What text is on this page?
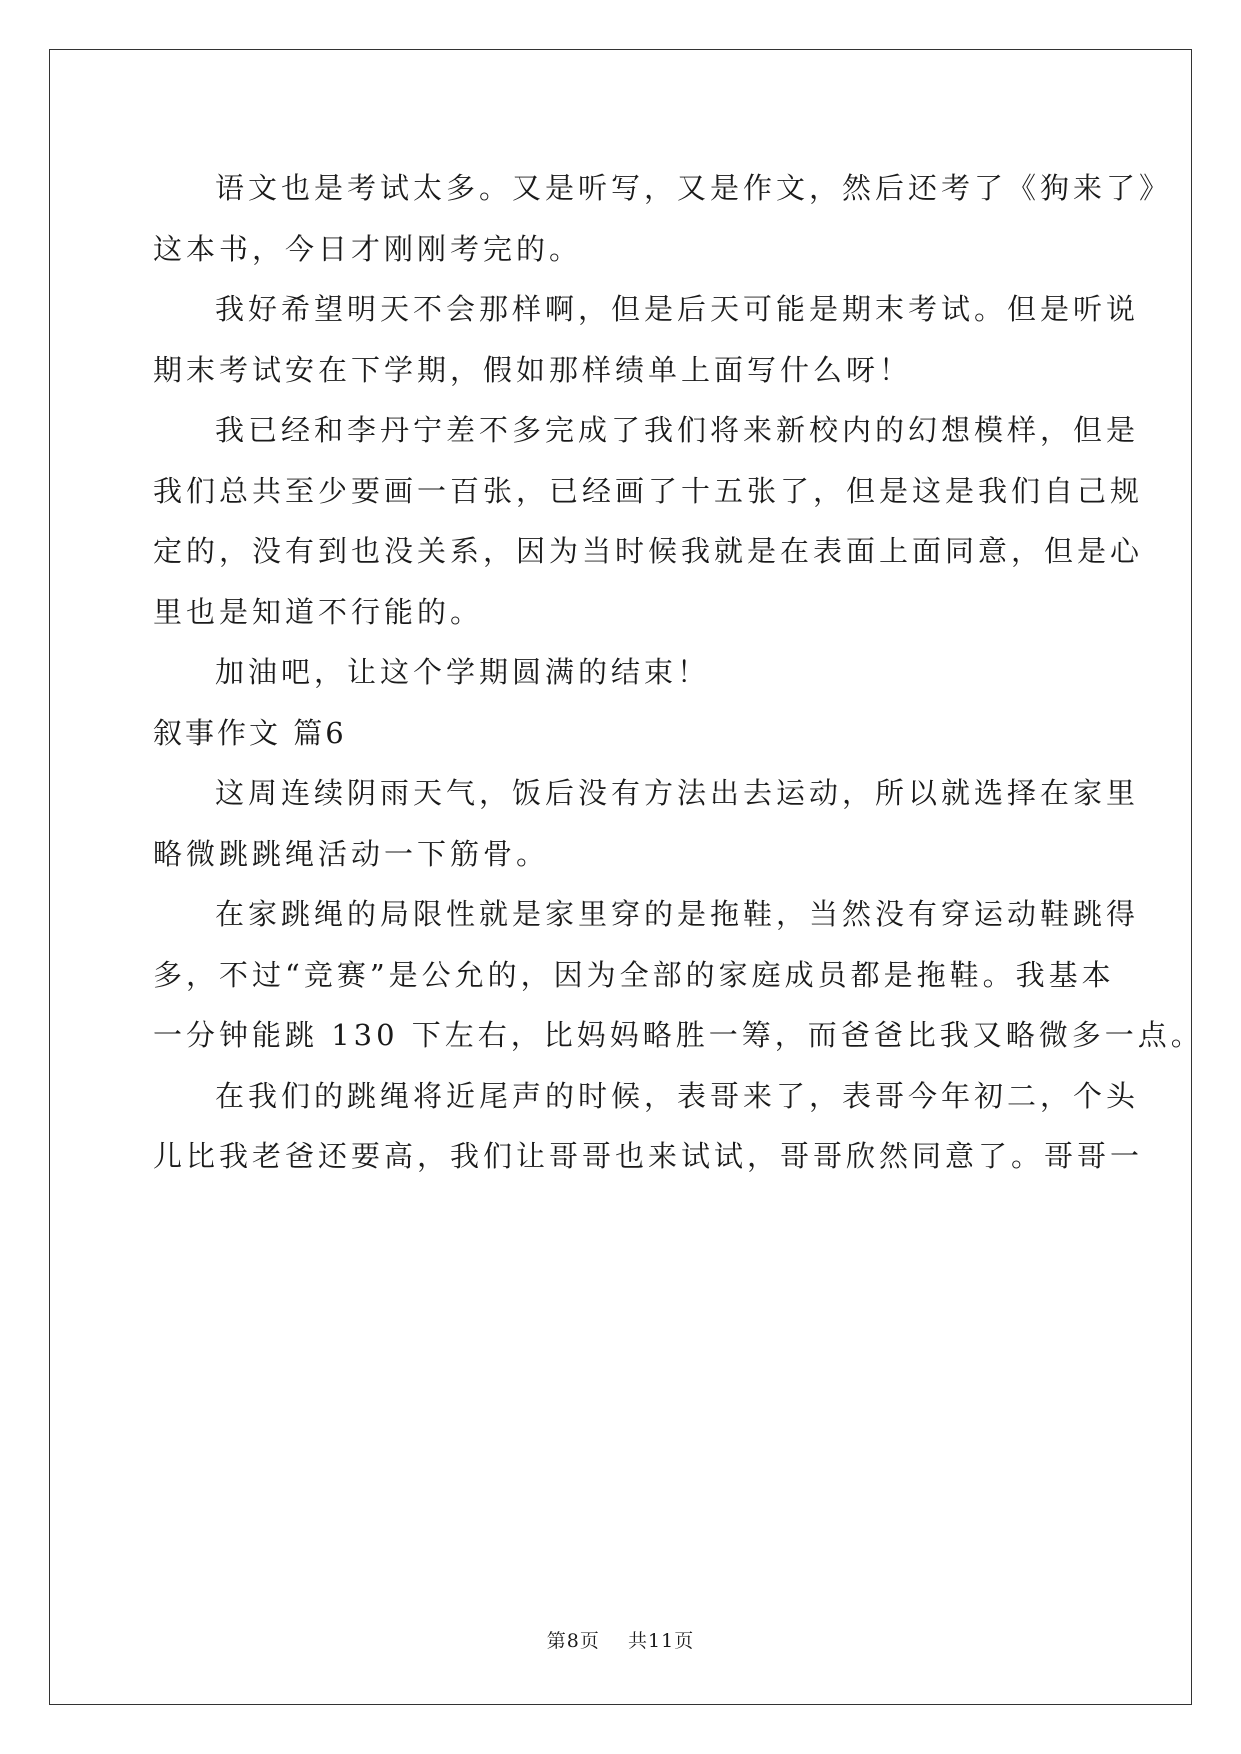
语文也是考试太多。又是听写，又是作文，然后还考了《狗来了》
这本书，今日才刚刚考完的。
我好希望明天不会那样啊，但是后天可能是期末考试。但是听说
期末考试安在下学期，假如那样绩单上面写什么呀！
我已经和李丹宁差不多完成了我们将来新校内的幻想模样，但是
我们总共至少要画一百张，已经画了十五张了，但是这是我们自己规
定的，没有到也没关系，因为当时候我就是在表面上面同意，但是心
里也是知道不行能的。
加油吧，让这个学期圆满的结束！
叙事作文 篇6
这周连续阴雨天气，饭后没有方法出去运动，所以就选择在家里
略微跳跳绳活动一下筋骨。
在家跳绳的局限性就是家里穿的是拖鞋，当然没有穿运动鞋跳得
多，不过“竞赛”是公允的，因为全部的家庭成员都是拖鞋。我基本
一分钟能跳 130 下左右，比妈妈略胜一筹，而爸爸比我又略微多一点。
在我们的跳绳将近尾声的时候，表哥来了，表哥今年初二，个头
儿比我老爸还要高，我们让哥哥也来试试，哥哥欣然同意了。哥哥一
第8页    共11页
